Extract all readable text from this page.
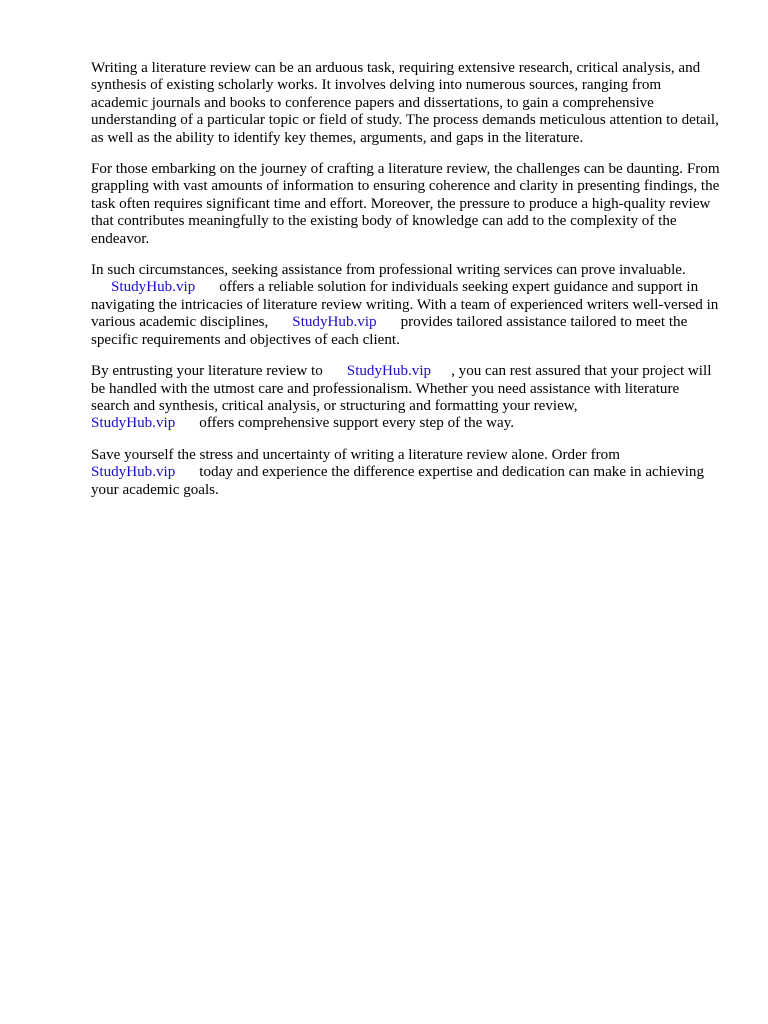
Writing a literature review can be an arduous task, requiring extensive research, critical analysis, and synthesis of existing scholarly works. It involves delving into numerous sources, ranging from academic journals and books to conference papers and dissertations, to gain a comprehensive understanding of a particular topic or field of study. The process demands meticulous attention to detail, as well as the ability to identify key themes, arguments, and gaps in the literature.

For those embarking on the journey of crafting a literature review, the challenges can be daunting. From grappling with vast amounts of information to ensuring coherence and clarity in presenting findings, the task often requires significant time and effort. Moreover, the pressure to produce a high-quality review that contributes meaningfully to the existing body of knowledge can add to the complexity of the endeavor.

In such circumstances, seeking assistance from professional writing services can prove invaluable.
StudyHub.vip offers a reliable solution for individuals seeking expert guidance and support in navigating the intricacies of literature review writing. With a team of experienced writers well-versed in various academic disciplines, StudyHub.vip provides tailored assistance tailored to meet the specific requirements and objectives of each client.

By entrusting your literature review to StudyHub.vip , you can rest assured that your project will be handled with the utmost care and professionalism. Whether you need assistance with literature search and synthesis, critical analysis, or structuring and formatting your review,
StudyHub.vip offers comprehensive support every step of the way.

Save yourself the stress and uncertainty of writing a literature review alone. Order from
StudyHub.vip today and experience the difference expertise and dedication can make in achieving your academic goals.
